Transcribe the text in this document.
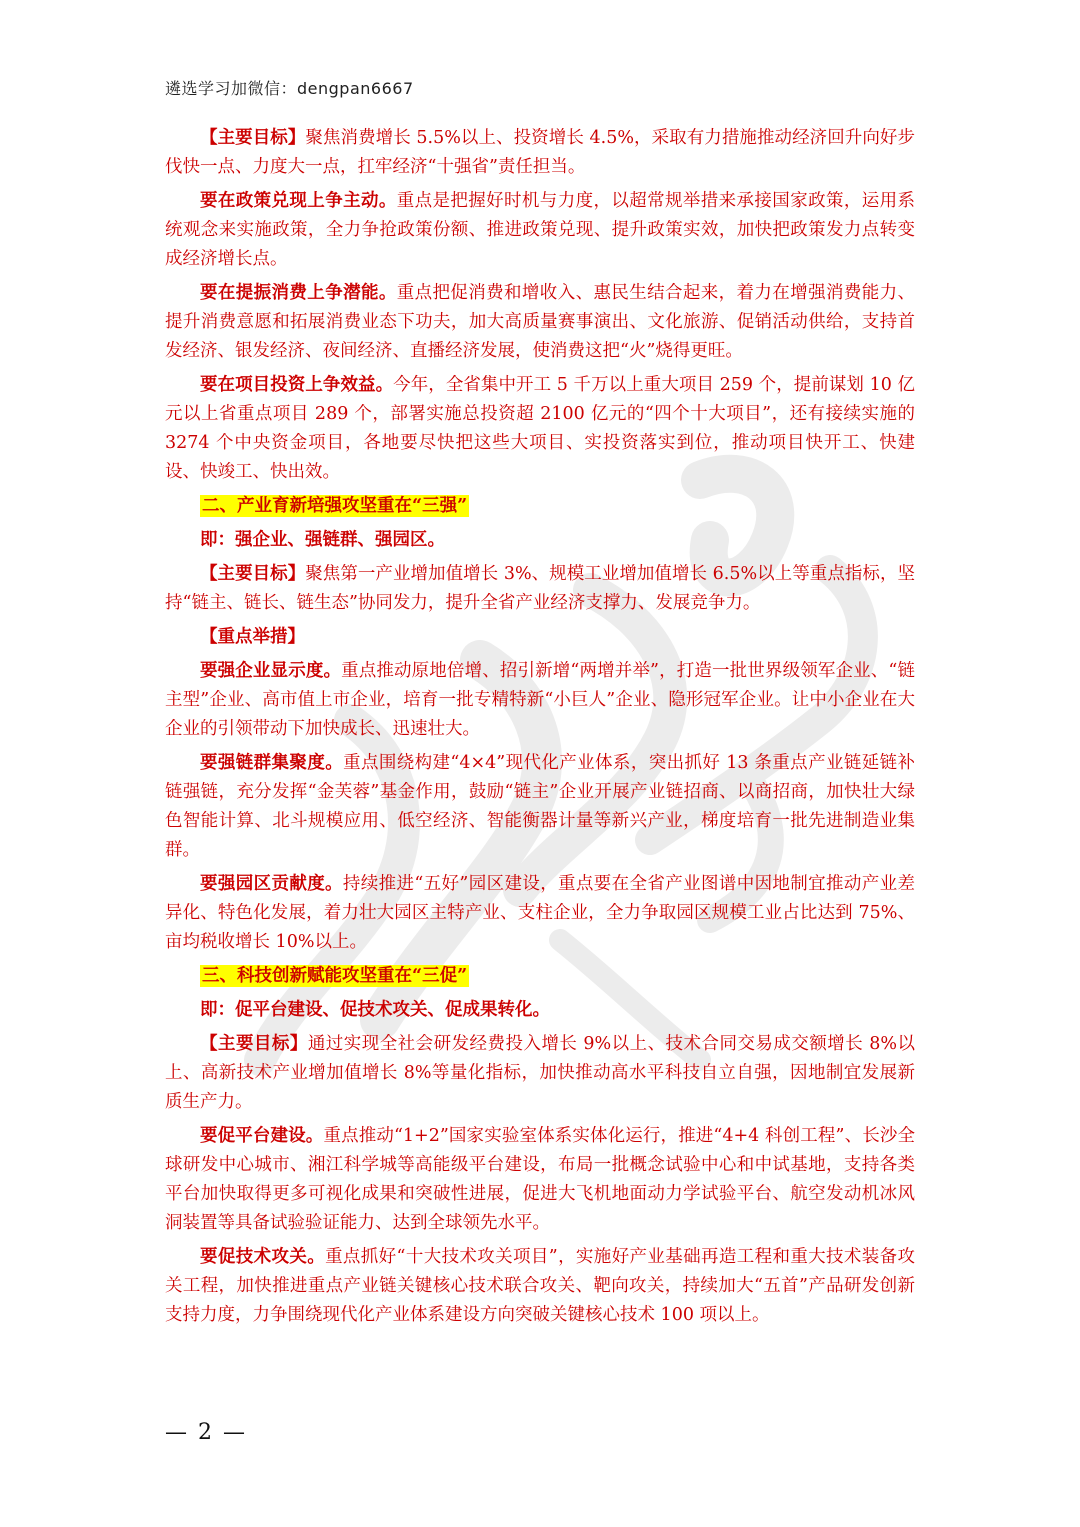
遴选学习加微信：dengpan6667

【主要目标】聚焦消费增长 5.5%以上、投资增长 4.5%，采取有力措施推动经济回升向好步伐快一点、力度大一点，扛牢经济“十强省”责任担当。

要在政策兑现上争主动。重点是把握好时机与力度，以超常规举措来承接国家政策，运用系统观念来实施政策，全力争抢政策份额、推进政策兑现、提升政策实效，加快把政策发力点转变成经济增长点。

要在提振消费上争潜能。重点把促消费和增收入、惠民生结合起来，着力在增强消费能力、提升消费意愿和拓展消费业态下功夫，加大高质量赛事演出、文化旅游、促销活动供给，支持首发经济、银发经济、夜间经济、直播经济发展，使消费这把“火”烧得更旺。

要在项目投资上争效益。今年，全省集中开工 5 千万以上重大项目 259 个，提前谋划 10 亿元以上省重点项目 289 个，部署实施总投资超 2100 亿元的“四个十大项目”，还有接续实施的 3274 个中央资金项目，各地要尽快把这些大项目、实投资落实到位，推动项目快开工、快建设、快竣工、快出效。

二、产业育新培强攻坚重在“三强”
即：强企业、强链群、强园区。

【主要目标】聚焦第一产业增加值增长 3%、规模工业增加值增长 6.5%以上等重点指标，坚持“链主、链长、链生态”协同发力，提升全省产业经济支撑力、发展竞争力。

【重点举措】

要强企业显示度。重点推动原地倍增、招引新增“两增并举”，打造一批世界级领军企业、“链主型”企业、高市值上市企业，培育一批专精特新“小巨人”企业、隐形冠军企业。让中小企业在大企业的引领带动下加快成长、迅速壮大。

要强链群集聚度。重点围绕构建“4×4”现代化产业体系，突出抓好 13 条重点产业链延链补链强链，充分发挥“金芙蓉”基金作用，鼓励“链主”企业开展产业链招商、以商招商，加快壮大绿色智能计算、北斗规模应用、低空经济、智能衡器计量等新兴产业，梯度培育一批先进制造业集群。

要强园区贡献度。持续推进“五好”园区建设，重点要在全省产业图谱中因地制宜推动产业差异化、特色化发展，着力壮大园区主特产业、支柱企业，全力争取园区规模工业占比达到 75%、亩均税收增长 10%以上。

三、科技创新赋能攻坚重在“三促”
即：促平台建设、促技术攻关、促成果转化。

【主要目标】通过实现全社会研发经费投入增长 9%以上、技术合同交易成交额增长 8%以上、高新技术产业增加值增长 8%等量化指标，加快推动高水平科技自立自强，因地制宜发展新质生产力。

要促平台建设。重点推动“1+2”国家实验室体系实体化运行，推进“4+4 科创工程”、长沙全球研发中心城市、湘江科学城等高能级平台建设，布局一批概念试验中心和中试基地，支持各类平台加快取得更多可视化成果和突破性进展，促进大飞机地面动力学试验平台、航空发动机冰风洞装置等具备试验验证能力、达到全球领先水平。

要促技术攻关。重点抓好“十大技术攻关项目”，实施好产业基础再造工程和重大技术装备攻关工程，加快推进重点产业链关键核心技术联合攻关、靶向攻关，持续加大“五首”产品研发创新支持力度，力争围绕现代化产业体系建设方向突破关键核心技术 100 项以上。

— 2 —
